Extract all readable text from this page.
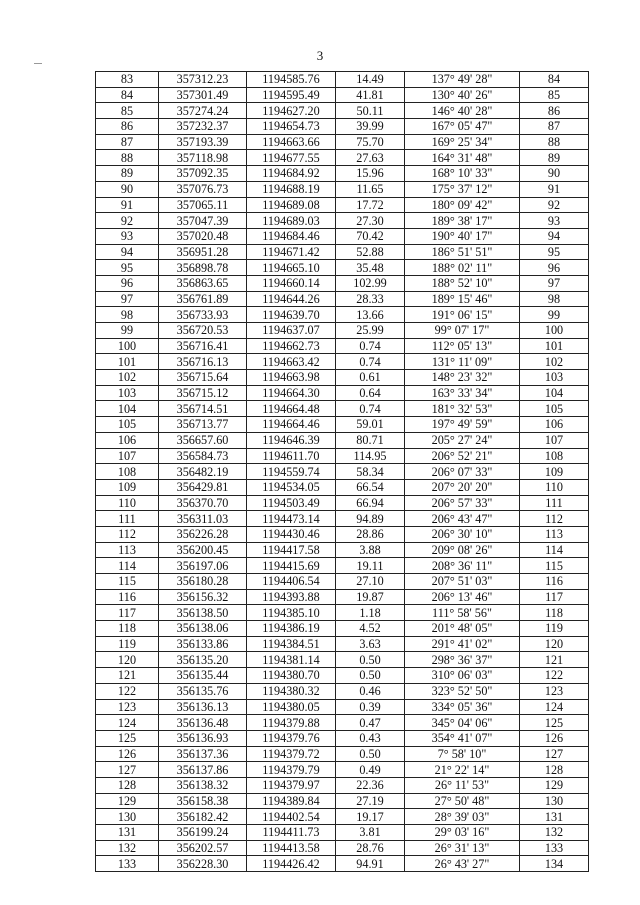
3
83	357312.23	1194585.76	14.49	137° 49' 28"	84
84	357301.49	1194595.49	41.81	130° 40' 26"	85
85	357274.24	1194627.20	50.11	146° 40' 28"	86
86	357232.37	1194654.73	39.99	167° 05' 47"	87
87	357193.39	1194663.66	75.70	169° 25' 34"	88
88	357118.98	1194677.55	27.63	164° 31' 48"	89
89	357092.35	1194684.92	15.96	168° 10' 33"	90
90	357076.73	1194688.19	11.65	175° 37' 12"	91
91	357065.11	1194689.08	17.72	180° 09' 42"	92
92	357047.39	1194689.03	27.30	189° 38' 17"	93
93	357020.48	1194684.46	70.42	190° 40' 17"	94
94	356951.28	1194671.42	52.88	186° 51' 51"	95
95	356898.78	1194665.10	35.48	188° 02' 11"	96
96	356863.65	1194660.14	102.99	188° 52' 10"	97
97	356761.89	1194644.26	28.33	189° 15' 46"	98
98	356733.93	1194639.70	13.66	191° 06' 15"	99
99	356720.53	1194637.07	25.99	99° 07' 17"	100
100	356716.41	1194662.73	0.74	112° 05' 13"	101
101	356716.13	1194663.42	0.74	131° 11' 09"	102
102	356715.64	1194663.98	0.61	148° 23' 32"	103
103	356715.12	1194664.30	0.64	163° 33' 34"	104
104	356714.51	1194664.48	0.74	181° 32' 53"	105
105	356713.77	1194664.46	59.01	197° 49' 59"	106
106	356657.60	1194646.39	80.71	205° 27' 24"	107
107	356584.73	1194611.70	114.95	206° 52' 21"	108
108	356482.19	1194559.74	58.34	206° 07' 33"	109
109	356429.81	1194534.05	66.54	207° 20' 20"	110
110	356370.70	1194503.49	66.94	206° 57' 33"	111
111	356311.03	1194473.14	94.89	206° 43' 47"	112
112	356226.28	1194430.46	28.86	206° 30' 10"	113
113	356200.45	1194417.58	3.88	209° 08' 26"	114
114	356197.06	1194415.69	19.11	208° 36' 11"	115
115	356180.28	1194406.54	27.10	207° 51' 03"	116
116	356156.32	1194393.88	19.87	206° 13' 46"	117
117	356138.50	1194385.10	1.18	111° 58' 56"	118
118	356138.06	1194386.19	4.52	201° 48' 05"	119
119	356133.86	1194384.51	3.63	291° 41' 02"	120
120	356135.20	1194381.14	0.50	298° 36' 37"	121
121	356135.44	1194380.70	0.50	310° 06' 03"	122
122	356135.76	1194380.32	0.46	323° 52' 50"	123
123	356136.13	1194380.05	0.39	334° 05' 36"	124
124	356136.48	1194379.88	0.47	345° 04' 06"	125
125	356136.93	1194379.76	0.43	354° 41' 07"	126
126	356137.36	1194379.72	0.50	7° 58' 10"	127
127	356137.86	1194379.79	0.49	21° 22' 14"	128
128	356138.32	1194379.97	22.36	26° 11' 53"	129
129	356158.38	1194389.84	27.19	27° 50' 48"	130
130	356182.42	1194402.54	19.17	28° 39' 03"	131
131	356199.24	1194411.73	3.81	29° 03' 16"	132
132	356202.57	1194413.58	28.76	26° 31' 13"	133
133	356228.30	1194426.42	94.91	26° 43' 27"	134
